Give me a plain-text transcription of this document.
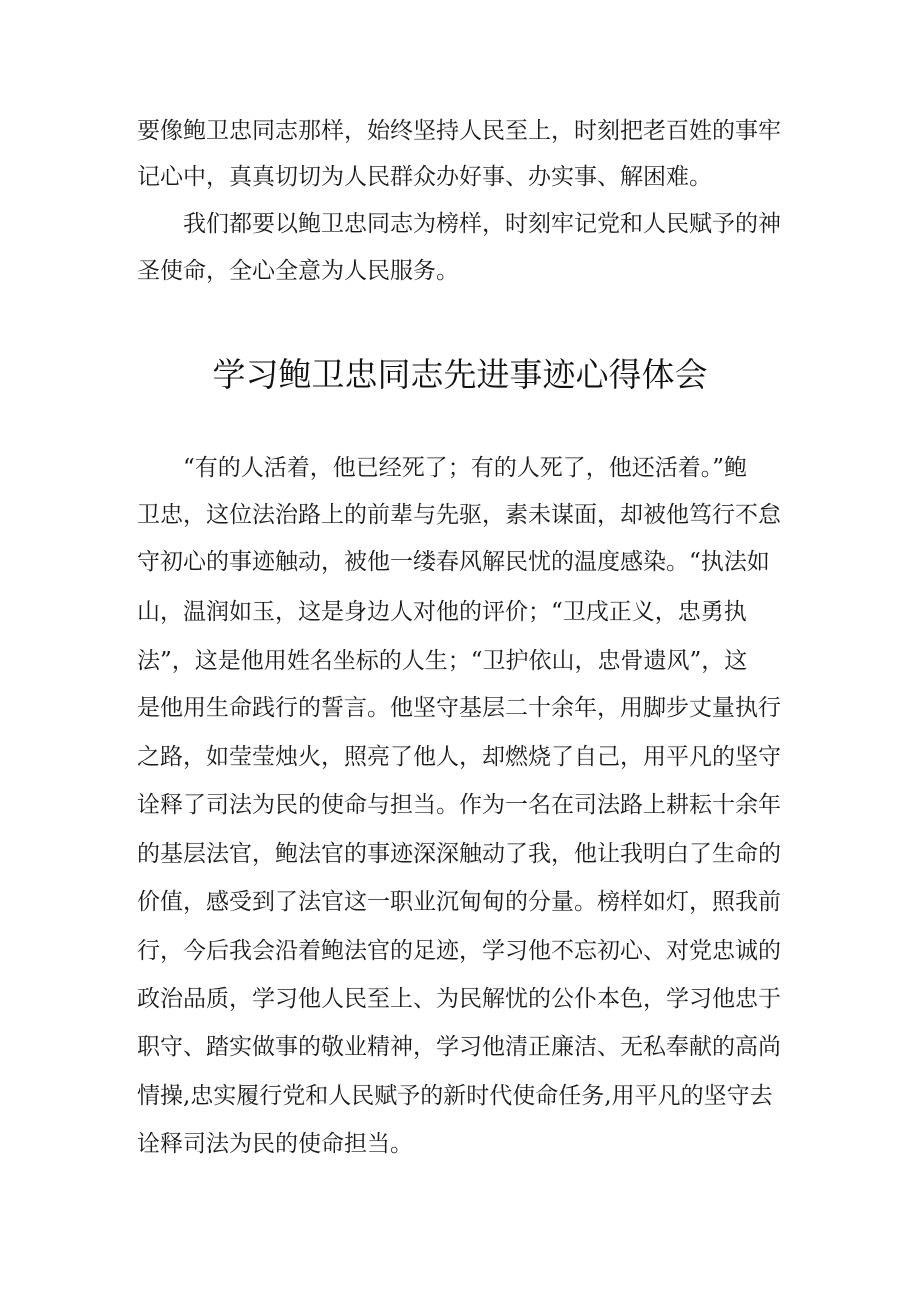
要像鲍卫忠同志那样，始终坚持人民至上，时刻把老百姓的事牢
记心中，真真切切为人民群众办好事、办实事、解困难。
　　我们都要以鲍卫忠同志为榜样，时刻牢记党和人民赋予的神
圣使命，全心全意为人民服务。
学习鲍卫忠同志先进事迹心得体会
　　“有的人活着，他已经死了；有的人死了，他还活着。”鲍
卫忠，这位法治路上的前辈与先驱，素未谋面，却被他笃行不怠
守初心的事迹触动，被他一缕春风解民忧的温度感染。“执法如
山，温润如玉，这是身边人对他的评价；“卫戌正义，忠勇执
法”，这是他用姓名坐标的人生；“卫护依山，忠骨遗风”，这
是他用生命践行的誓言。他坚守基层二十余年，用脚步丈量执行
之路，如莹莹烛火，照亮了他人，却燃烧了自己，用平凡的坚守
诠释了司法为民的使命与担当。作为一名在司法路上耕耘十余年
的基层法官，鲍法官的事迹深深触动了我，他让我明白了生命的
价值，感受到了法官这一职业沉甸甸的分量。榜样如灯，照我前
行，今后我会沿着鲍法官的足迹，学习他不忘初心、对党忠诚的
政治品质，学习他人民至上、为民解忧的公仆本色，学习他忠于
职守、踏实做事的敬业精神，学习他清正廉洁、无私奉献的高尚
情操,忠实履行党和人民赋予的新时代使命任务,用平凡的坚守去
诠释司法为民的使命担当。
